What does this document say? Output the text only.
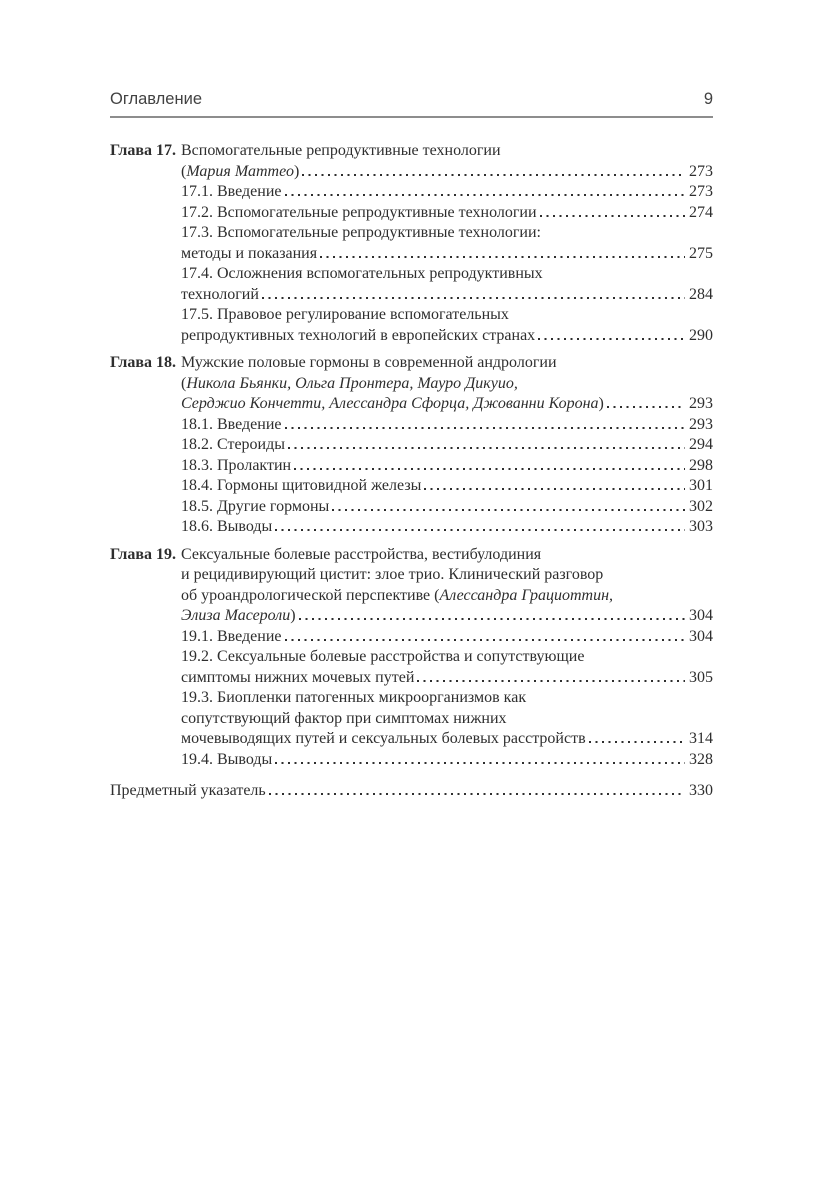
Оглавление	9
Глава 17. Вспомогательные репродуктивные технологии
(Мария Маттео)	273
17.1. Введение	273
17.2. Вспомогательные репродуктивные технологии	274
17.3. Вспомогательные репродуктивные технологии:
методы и показания	275
17.4. Осложнения вспомогательных репродуктивных
технологий	284
17.5. Правовое регулирование вспомогательных
репродуктивных технологий в европейских странах	290
Глава 18. Мужские половые гормоны в современной андрологии
(Никола Бьянки, Ольга Пронтера, Мауро Дикуио,
Серджио Кончетти, Алессандра Сфорца, Джованни Корона)	293
18.1. Введение	293
18.2. Стероиды	294
18.3. Пролактин	298
18.4. Гормоны щитовидной железы	301
18.5. Другие гормоны	302
18.6. Выводы	303
Глава 19. Сексуальные болевые расстройства, вестибулодиния
и рецидивирующий цистит: злое трио. Клинический разговор
об уроандрологической перспективе (Алессандра Грациоттин,
Элиза Масероли)	304
19.1. Введение	304
19.2. Сексуальные болевые расстройства и сопутствующие
симптомы нижних мочевых путей	305
19.3. Биопленки патогенных микроорганизмов как
сопутствующий фактор при симптомах нижних
мочевыводящих путей и сексуальных болевых расстройств	314
19.4. Выводы	328
Предметный указатель	330
